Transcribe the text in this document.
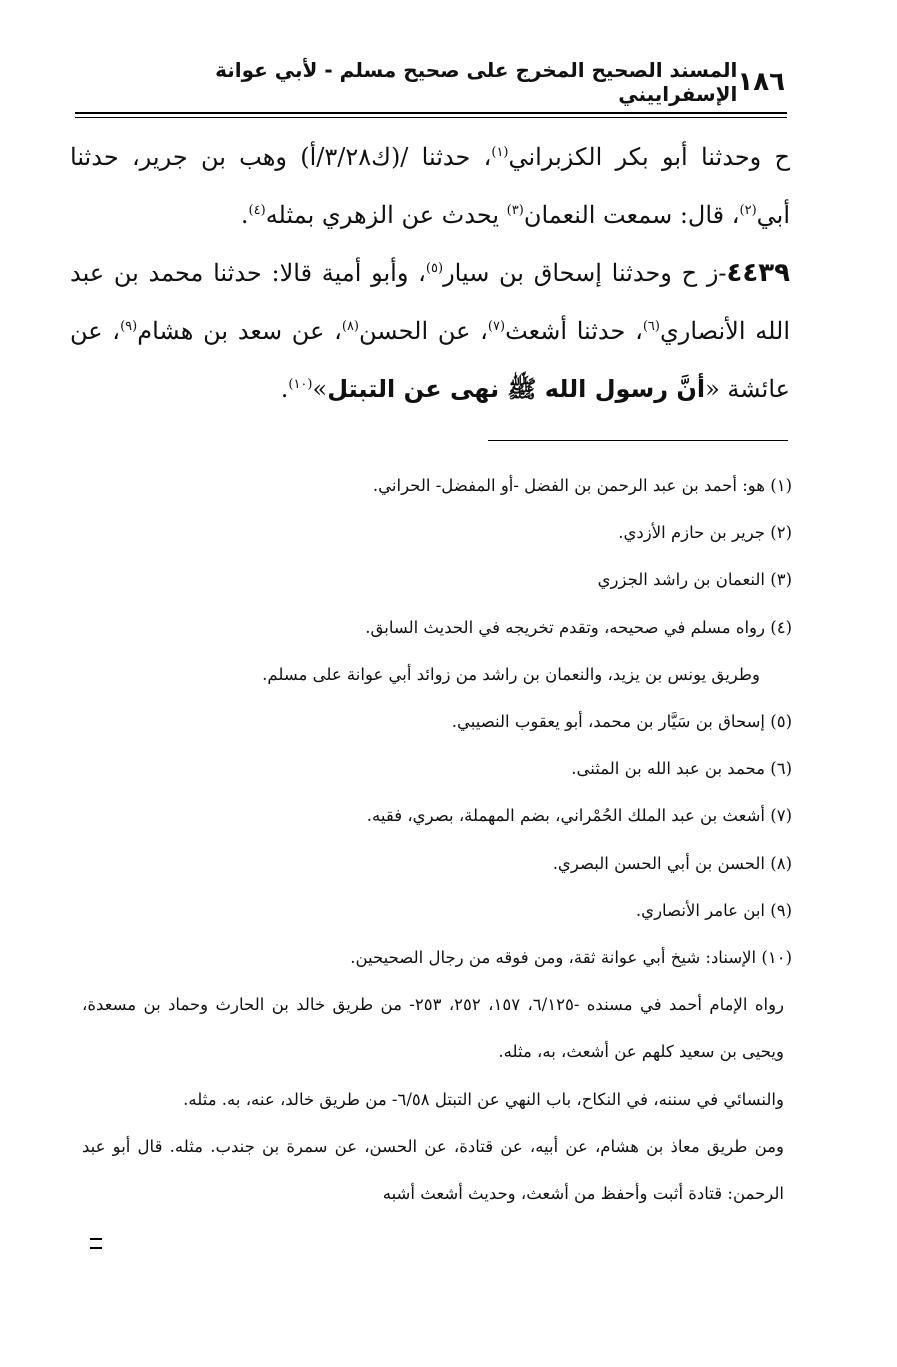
١٨٦
المسند الصحيح المخرج على صحيح مسلم - لأبي عوانة الإسفراييني

ح وحدثنا أبو بكر الكزبراني$^{(١)}$، حدثنا /(ك٣/٢٨/أ) وهب بن جرير، حدثنا أبي$^{(٢)}$، قال: سمعت النعمان$^{(٣)}$ يحدث عن الزهري بمثله$^{(٤)}$.

٤٤٣٩-ز ح وحدثنا إسحاق بن سيار$^{(٥)}$، وأبو أمية قالا: حدثنا محمد بن عبد الله الأنصاري$^{(٦)}$، حدثنا أشعث$^{(٧)}$، عن الحسن$^{(٨)}$، عن سعد بن هشام$^{(٩)}$، عن عائشة «أنَّ رسول الله ﷺ نهى عن التبتل»$^{(١٠)}$.

(١) هو: أحمد بن عبد الرحمن بن الفضل -أو المفضل- الحراني.

(٢) جرير بن حازم الأزدي.

(٣) النعمان بن راشد الجزري

(٤) رواه مسلم في صحيحه، وتقدم تخريجه في الحديث السابق.

وطريق يونس بن يزيد، والنعمان بن راشد من زوائد أبي عوانة على مسلم.

(٥) إسحاق بن سَيَّار بن محمد، أبو يعقوب النصيبي.

(٦) محمد بن عبد الله بن المثنى.

(٧) أشعث بن عبد الملك الحُمْراني، بضم المهملة، بصري، فقيه.

(٨) الحسن بن أبي الحسن البصري.

(٩) ابن عامر الأنصاري.

(١٠) الإسناد: شيخ أبي عوانة ثقة، ومن فوقه من رجال الصحيحين.

رواه الإمام أحمد في مسنده -٦/١٢٥، ١٥٧، ٢٥٢، ٢٥٣- من طريق خالد بن الحارث وحماد بن مسعدة، ويحيى بن سعيد كلهم عن أشعث، به، مثله.

والنسائي في سننه، في النكاح، باب النهي عن التبتل ٦/٥٨- من طريق خالد، عنه، به. مثله.

ومن طريق معاذ بن هشام، عن أبيه، عن قتادة، عن الحسن، عن سمرة بن جندب. مثله. قال أبو عبد الرحمن: قتادة أثبت وأحفظ من أشعث، وحديث أشعث أشبه
